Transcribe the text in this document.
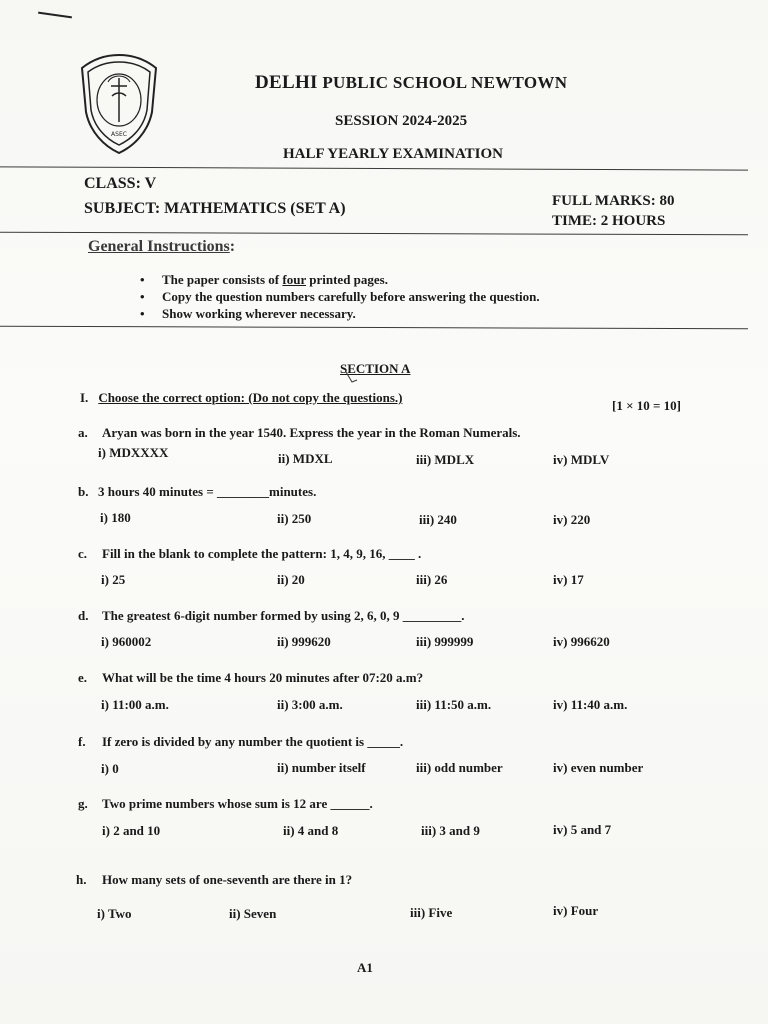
ASEC
DELHI PUBLIC SCHOOL NEWTOWN
SESSION 2024-2025
HALF YEARLY EXAMINATION
CLASS: V
SUBJECT: MATHEMATICS (SET A)	FULL MARKS: 80
TIME: 2 HOURS
General Instructions:
• The paper consists of four printed pages.
• Copy the question numbers carefully before answering the question.
• Show working wherever necessary.
SECTION A
I. Choose the correct option: (Do not copy the questions.)
[1 × 10 = 10]
a. Aryan was born in the year 1540. Express the year in the Roman Numerals.
i) MDXXXX	ii) MDXL	iii) MDLX	iv) MDLV
b. 3 hours 40 minutes = ________minutes.
i) 180	ii) 250	iii) 240	iv) 220
c. Fill in the blank to complete the pattern: 1, 4, 9, 16, ____ .
i) 25	ii) 20	iii) 26	iv) 17
d. The greatest 6-digit number formed by using 2, 6, 0, 9 _________.
i) 960002	ii) 999620	iii) 999999	iv) 996620
e. What will be the time 4 hours 20 minutes after 07:20 a.m?
i) 11:00 a.m.	ii) 3:00 a.m.	iii) 11:50 a.m.	iv) 11:40 a.m.
f. If zero is divided by any number the quotient is _____.
i) 0	ii) number itself	iii) odd number	iv) even number
g. Two prime numbers whose sum is 12 are ______.
i) 2 and 10	ii) 4 and 8	iii) 3 and 9	iv) 5 and 7
h. How many sets of one-seventh are there in 1?
i) Two	ii) Seven	iii) Five	iv) Four
A1
